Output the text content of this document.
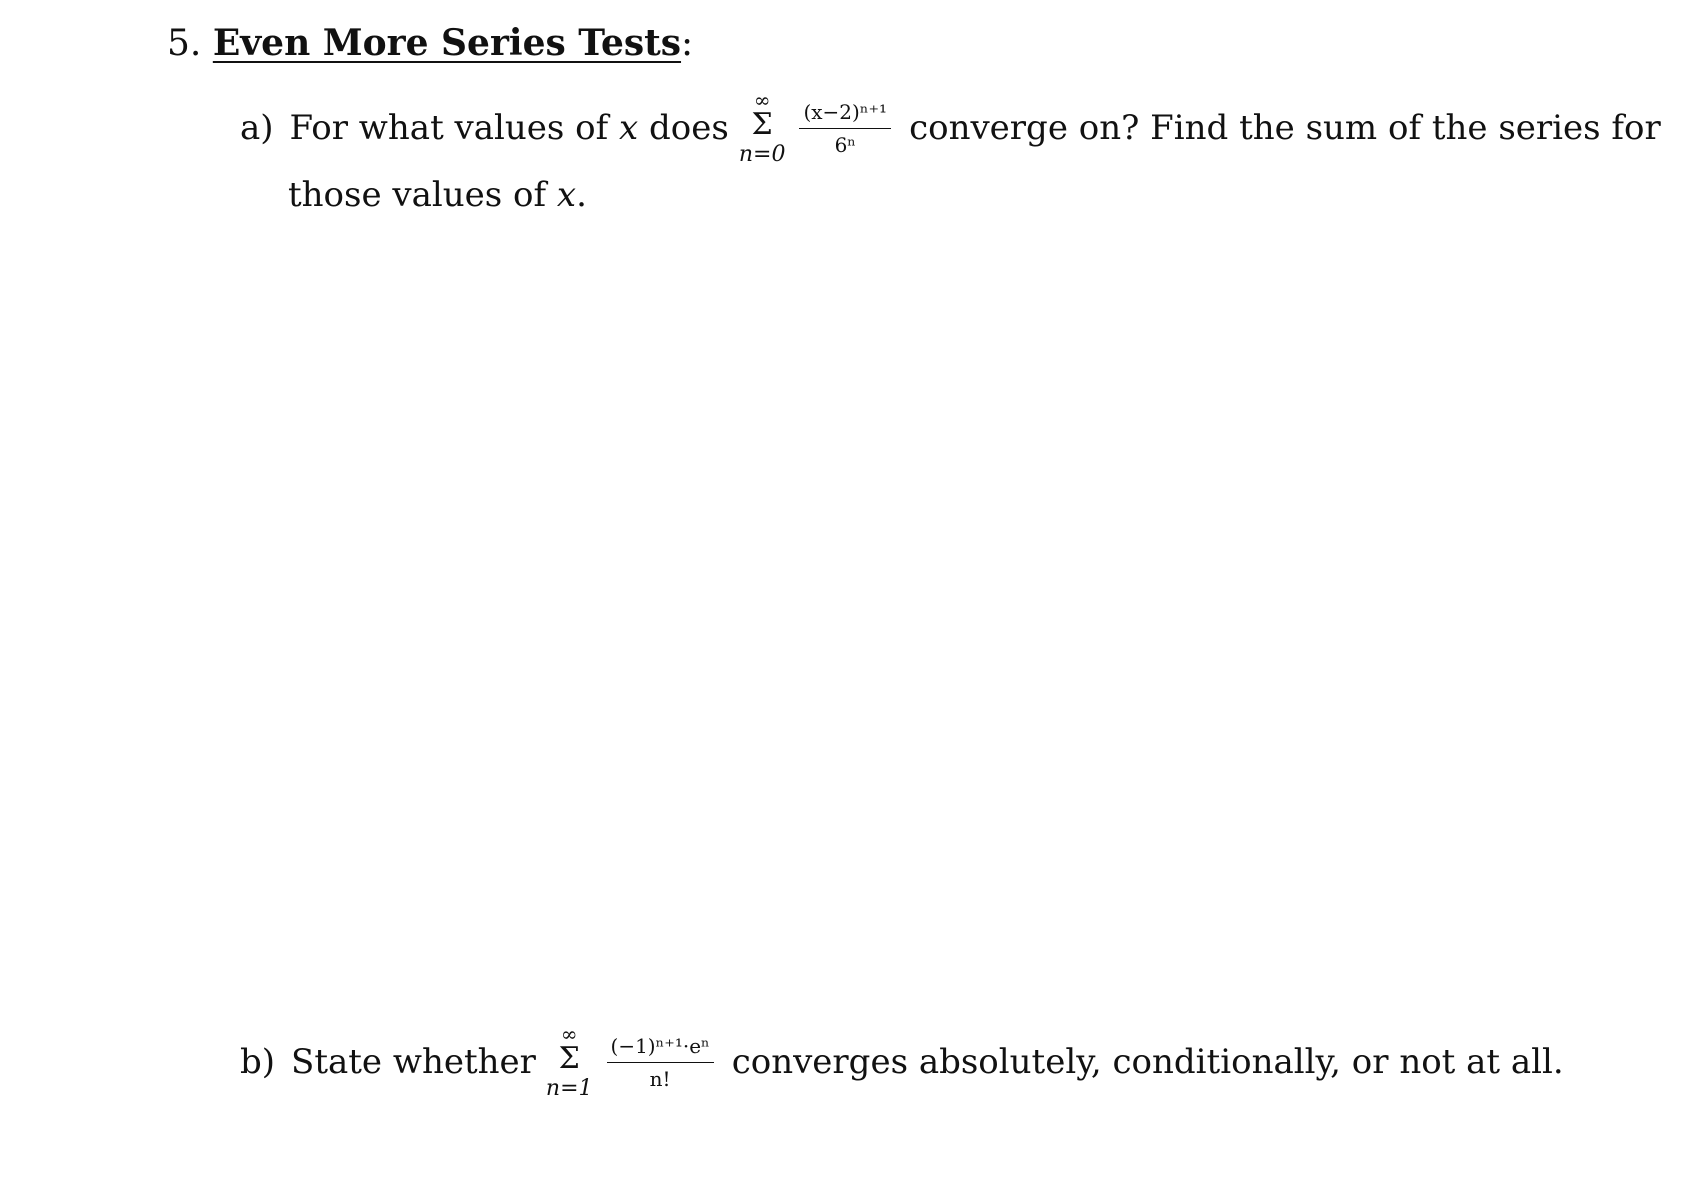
5. Even More Series Tests:
a) For what values of
x
does
∞
Σ
$n=0 \frac{\text{(x−2)ⁿ⁺¹}}{\text{6ⁿ}}$ converge on? Find the sum of the series for
those values of x.
b) State whether
∞
Σ
$n=1 \frac{\text{(−1)ⁿ⁺¹·eⁿ}}{n!}$ converges absolutely, conditionally, or not at all.
